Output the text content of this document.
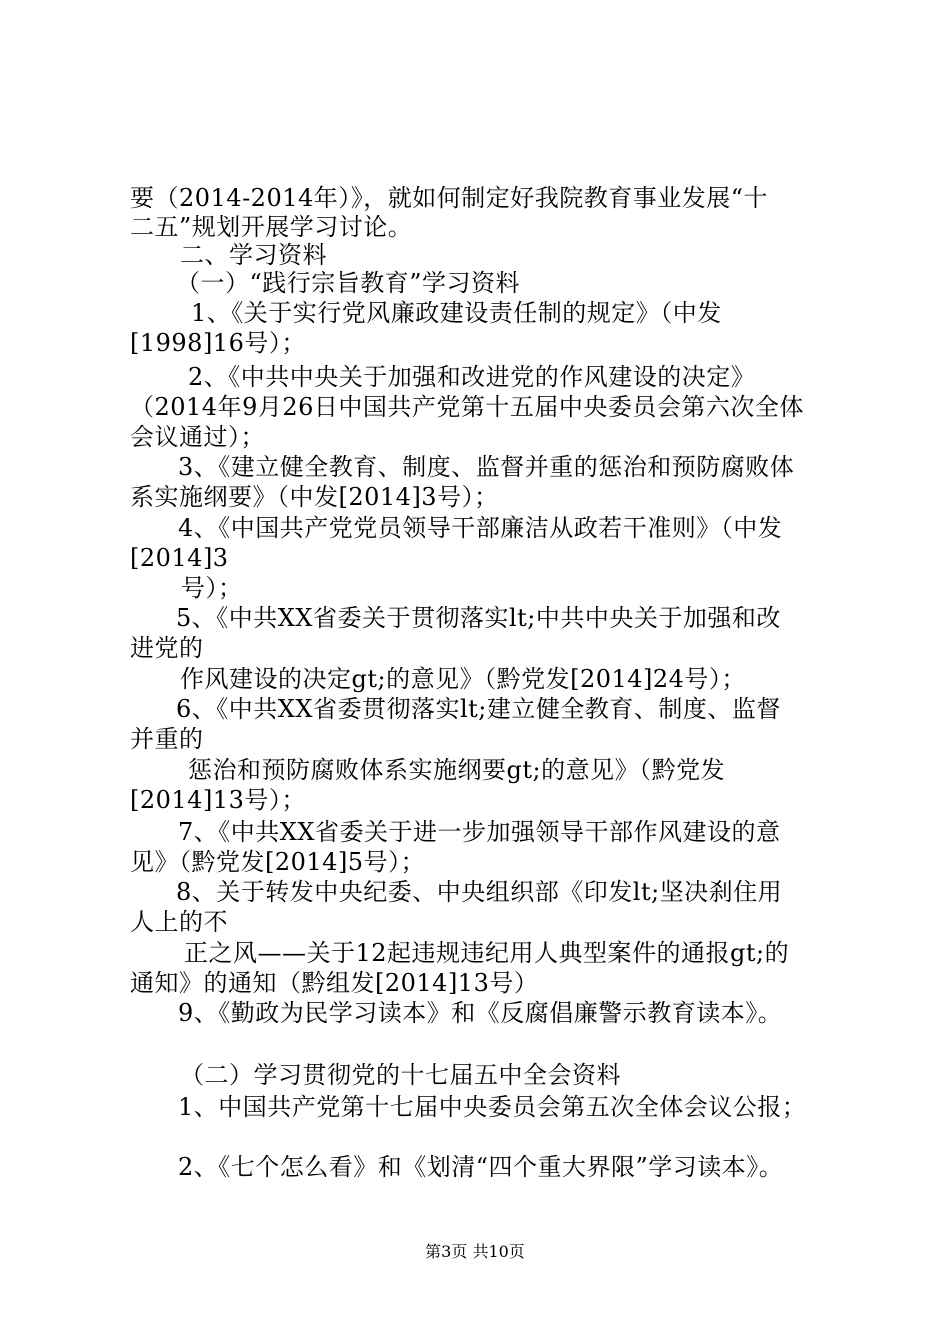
要（2014-2014年）》，就如何制定好我院教育事业发展“十
二五”规划开展学习讨论。
二、学习资料
（一）“践行宗旨教育”学习资料
1、《关于实行党风廉政建设责任制的规定》（中发
[1998]16号）；
2、《中共中央关于加强和改进党的作风建设的决定》
（2014年9月26日中国共产党第十五届中央委员会第六次全体
会议通过）；
3、《建立健全教育、制度、监督并重的惩治和预防腐败体
系实施纲要》（中发[2014]3号）；
4、《中国共产党党员领导干部廉洁从政若干准则》（中发
[2014]3
号）；
5、《中共XX省委关于贯彻落实lt;中共中央关于加强和改
进党的
作风建设的决定gt;的意见》（黔党发[2014]24号）；
6、《中共XX省委贯彻落实lt;建立健全教育、制度、监督
并重的
惩治和预防腐败体系实施纲要gt;的意见》（黔党发
[2014]13号）；
7、《中共XX省委关于进一步加强领导干部作风建设的意
见》（黔党发[2014]5号）；
8、关于转发中央纪委、中央组织部《印发lt;坚决刹住用
人上的不
正之风——关于12起违规违纪用人典型案件的通报gt;的
通知》的通知（黔组发[2014]13号）
9、《勤政为民学习读本》和《反腐倡廉警示教育读本》。
（二）学习贯彻党的十七届五中全会资料
1、中国共产党第十七届中央委员会第五次全体会议公报；
2、《七个怎么看》和《划清“四个重大界限”学习读本》。
第3页 共10页
